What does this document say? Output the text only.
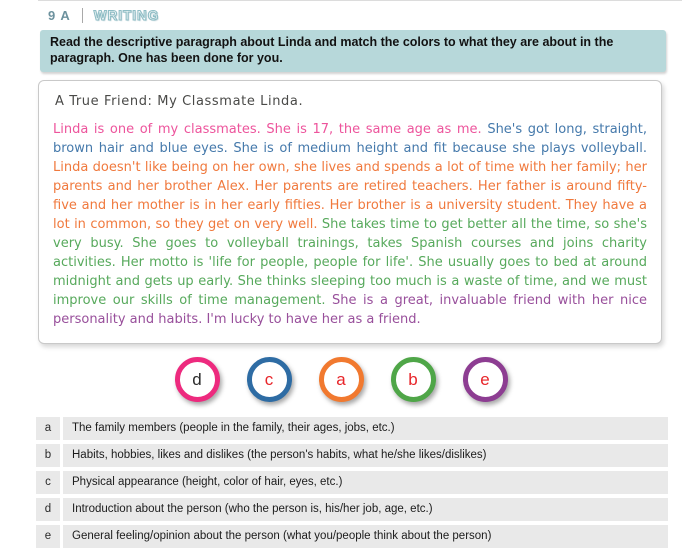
9 A WRITING
Read the descriptive paragraph about Linda and match the colors to what they are about in the paragraph. One has been done for you.
A True Friend: My Classmate Linda.

Linda is one of my classmates. She is 17, the same age as me. She's got long, straight, brown hair and blue eyes. She is of medium height and fit because she plays volleyball. Linda doesn't like being on her own, she lives and spends a lot of time with her family; her parents and her brother Alex. Her parents are retired teachers. Her father is around fifty-five and her mother is in her early fifties. Her brother is a university student. They have a lot in common, so they get on very well. She takes time to get better all the time, so she's very busy. She goes to volleyball trainings, takes Spanish courses and joins charity activities. Her motto is 'life for people, people for life'. She usually goes to bed at around midnight and gets up early. She thinks sleeping too much is a waste of time, and we must improve our skills of time management. She is a great, invaluable friend with her nice personality and habits. I'm lucky to have her as a friend.

d	c	a	b	e
a	The family members (people in the family, their ages, jobs, etc.)
b	Habits, hobbies, likes and dislikes (the person's habits, what he/she likes/dislikes)
c	Physical appearance (height, color of hair, eyes, etc.)
d	Introduction about the person (who the person is, his/her job, age, etc.)
e	General feeling/opinion about the person (what you/people think about the person)
